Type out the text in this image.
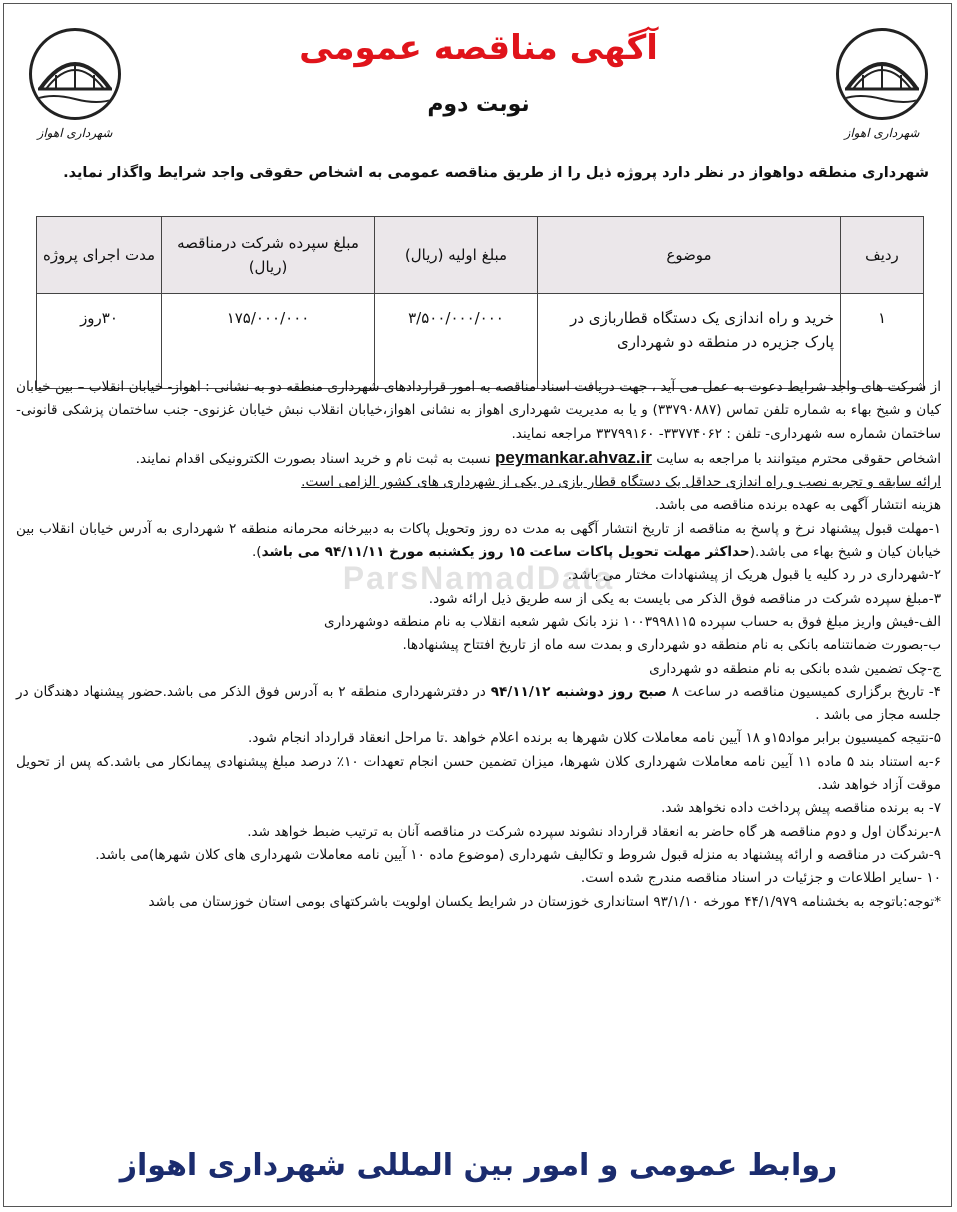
شهرداری اهواز	شهرداری اهواز
آگهی مناقصه عمومی
نوبت دوم
شهرداری منطقه دواهواز در نظر دارد پروژه ذیل را از طریق مناقصه عمومی به اشخاص حقوقی واجد شرایط واگذار نماید.
ردیف	موضوع	مبلغ اولیه (ریال)	مبلغ سپرده شرکت درمناقصه (ریال)	مدت اجرای پروژه
۱	خرید و راه اندازی یک دستگاه قطاربازی در پارک جزیره در منطقه دو شهرداری	۳/۵۰۰/۰۰۰/۰۰۰	۱۷۵/۰۰۰/۰۰۰	۳۰روز
ParsNamadData

از شرکت های واجد شرایط دعوت به عمل می آید ، جهت دریافت اسناد مناقصه به امور قراردادهای شهرداری منطقه دو به نشانی : اهواز- خیابان انقلاب – بین خیابان کیان و شیخ بهاء به شماره تلفن تماس (۳۳۷۹۰۸۸۷) و یا به مدیریت شهرداری اهواز به نشانی اهواز،خیابان انقلاب نبش خیابان غزنوی- جنب ساختمان پزشکی قانونی- ساختمان شماره سه شهرداری- تلفن : ۳۳۷۷۴۰۶۲- ۳۳۷۹۹۱۶۰ مراجعه نمایند.

اشخاص حقوقی محترم میتوانند با مراجعه به سایت peymankar.ahvaz.ir نسبت به ثبت نام و خرید اسناد بصورت الکترونیکی اقدام نمایند.

ارائه سابقه و تجربه نصب و راه اندازی حداقل یک دستگاه قطار بازی در یکی از شهرداری های کشور الزامی است.

هزینه انتشار آگهی به عهده برنده مناقصه می باشد.

۱-مهلت قبول پیشنهاد نرخ و پاسخ به مناقصه از تاریخ انتشار آگهی به مدت ده روز وتحویل پاکات به دبیرخانه محرمانه منطقه ۲ شهرداری به آدرس خیابان انقلاب بین خیابان کیان و شیخ بهاء می باشد.(حداکثر مهلت تحویل پاکات ساعت ۱۵ روز یکشنبه مورخ ۹۴/۱۱/۱۱ می باشد).

۲-شهرداری در رد کلیه یا قبول هریک از پیشنهادات مختار می باشد.

۳-مبلغ سپرده شرکت در مناقصه فوق الذکر می بایست به یکی از سه طریق ذیل ارائه شود.

الف-فیش واریز مبلغ فوق به حساب سپرده ۱۰۰۳۹۹۸۱۱۵ نزد بانک شهر شعبه انقلاب به نام منطقه دوشهرداری

ب-بصورت ضمانتنامه بانکی به نام منطقه دو شهرداری و بمدت سه ماه از تاریخ افتتاح پیشنهادها.

ج-چک تضمین شده بانکی به نام منطقه دو شهرداری

۴- تاریخ برگزاری کمیسیون مناقصه در ساعت ۸ صبح روز دوشنبه ۹۴/۱۱/۱۲ در دفترشهرداری منطقه ۲ به آدرس فوق الذکر می باشد.حضور پیشنهاد دهندگان در جلسه مجاز می باشد .

۵-نتیجه کمیسیون برابر مواد۱۵و ۱۸ آیین نامه معاملات کلان شهرها به برنده اعلام خواهد .تا مراحل انعقاد قرارداد انجام شود.

۶-به استناد بند ۵ ماده ۱۱ آیین نامه معاملات شهرداری کلان شهرها، میزان تضمین حسن انجام تعهدات ۱۰٪ درصد مبلغ پیشنهادی پیمانکار می باشد.که پس از تحویل موقت آزاد خواهد شد.

۷- به برنده مناقصه پیش پرداخت داده نخواهد شد.

۸-برندگان اول و دوم مناقصه هر گاه حاضر به انعقاد قرارداد نشوند سپرده شرکت در مناقصه آنان به ترتیب ضبط خواهد شد.

۹-شرکت در مناقصه و ارائه پیشنهاد به منزله قبول شروط و تکالیف شهرداری (موضوع ماده ۱۰ آیین نامه معاملات شهرداری های کلان شهرها)می باشد.

۱۰ -سایر اطلاعات و جزئیات در اسناد مناقصه مندرج شده است.

*توجه:باتوجه به بخشنامه ۴۴/۱/۹۷۹ مورخه ۹۳/۱/۱۰ استانداری خوزستان در شرایط یکسان اولویت باشرکتهای بومی استان خوزستان می باشد

روابط عمومی و امور بین المللی شهرداری اهواز
